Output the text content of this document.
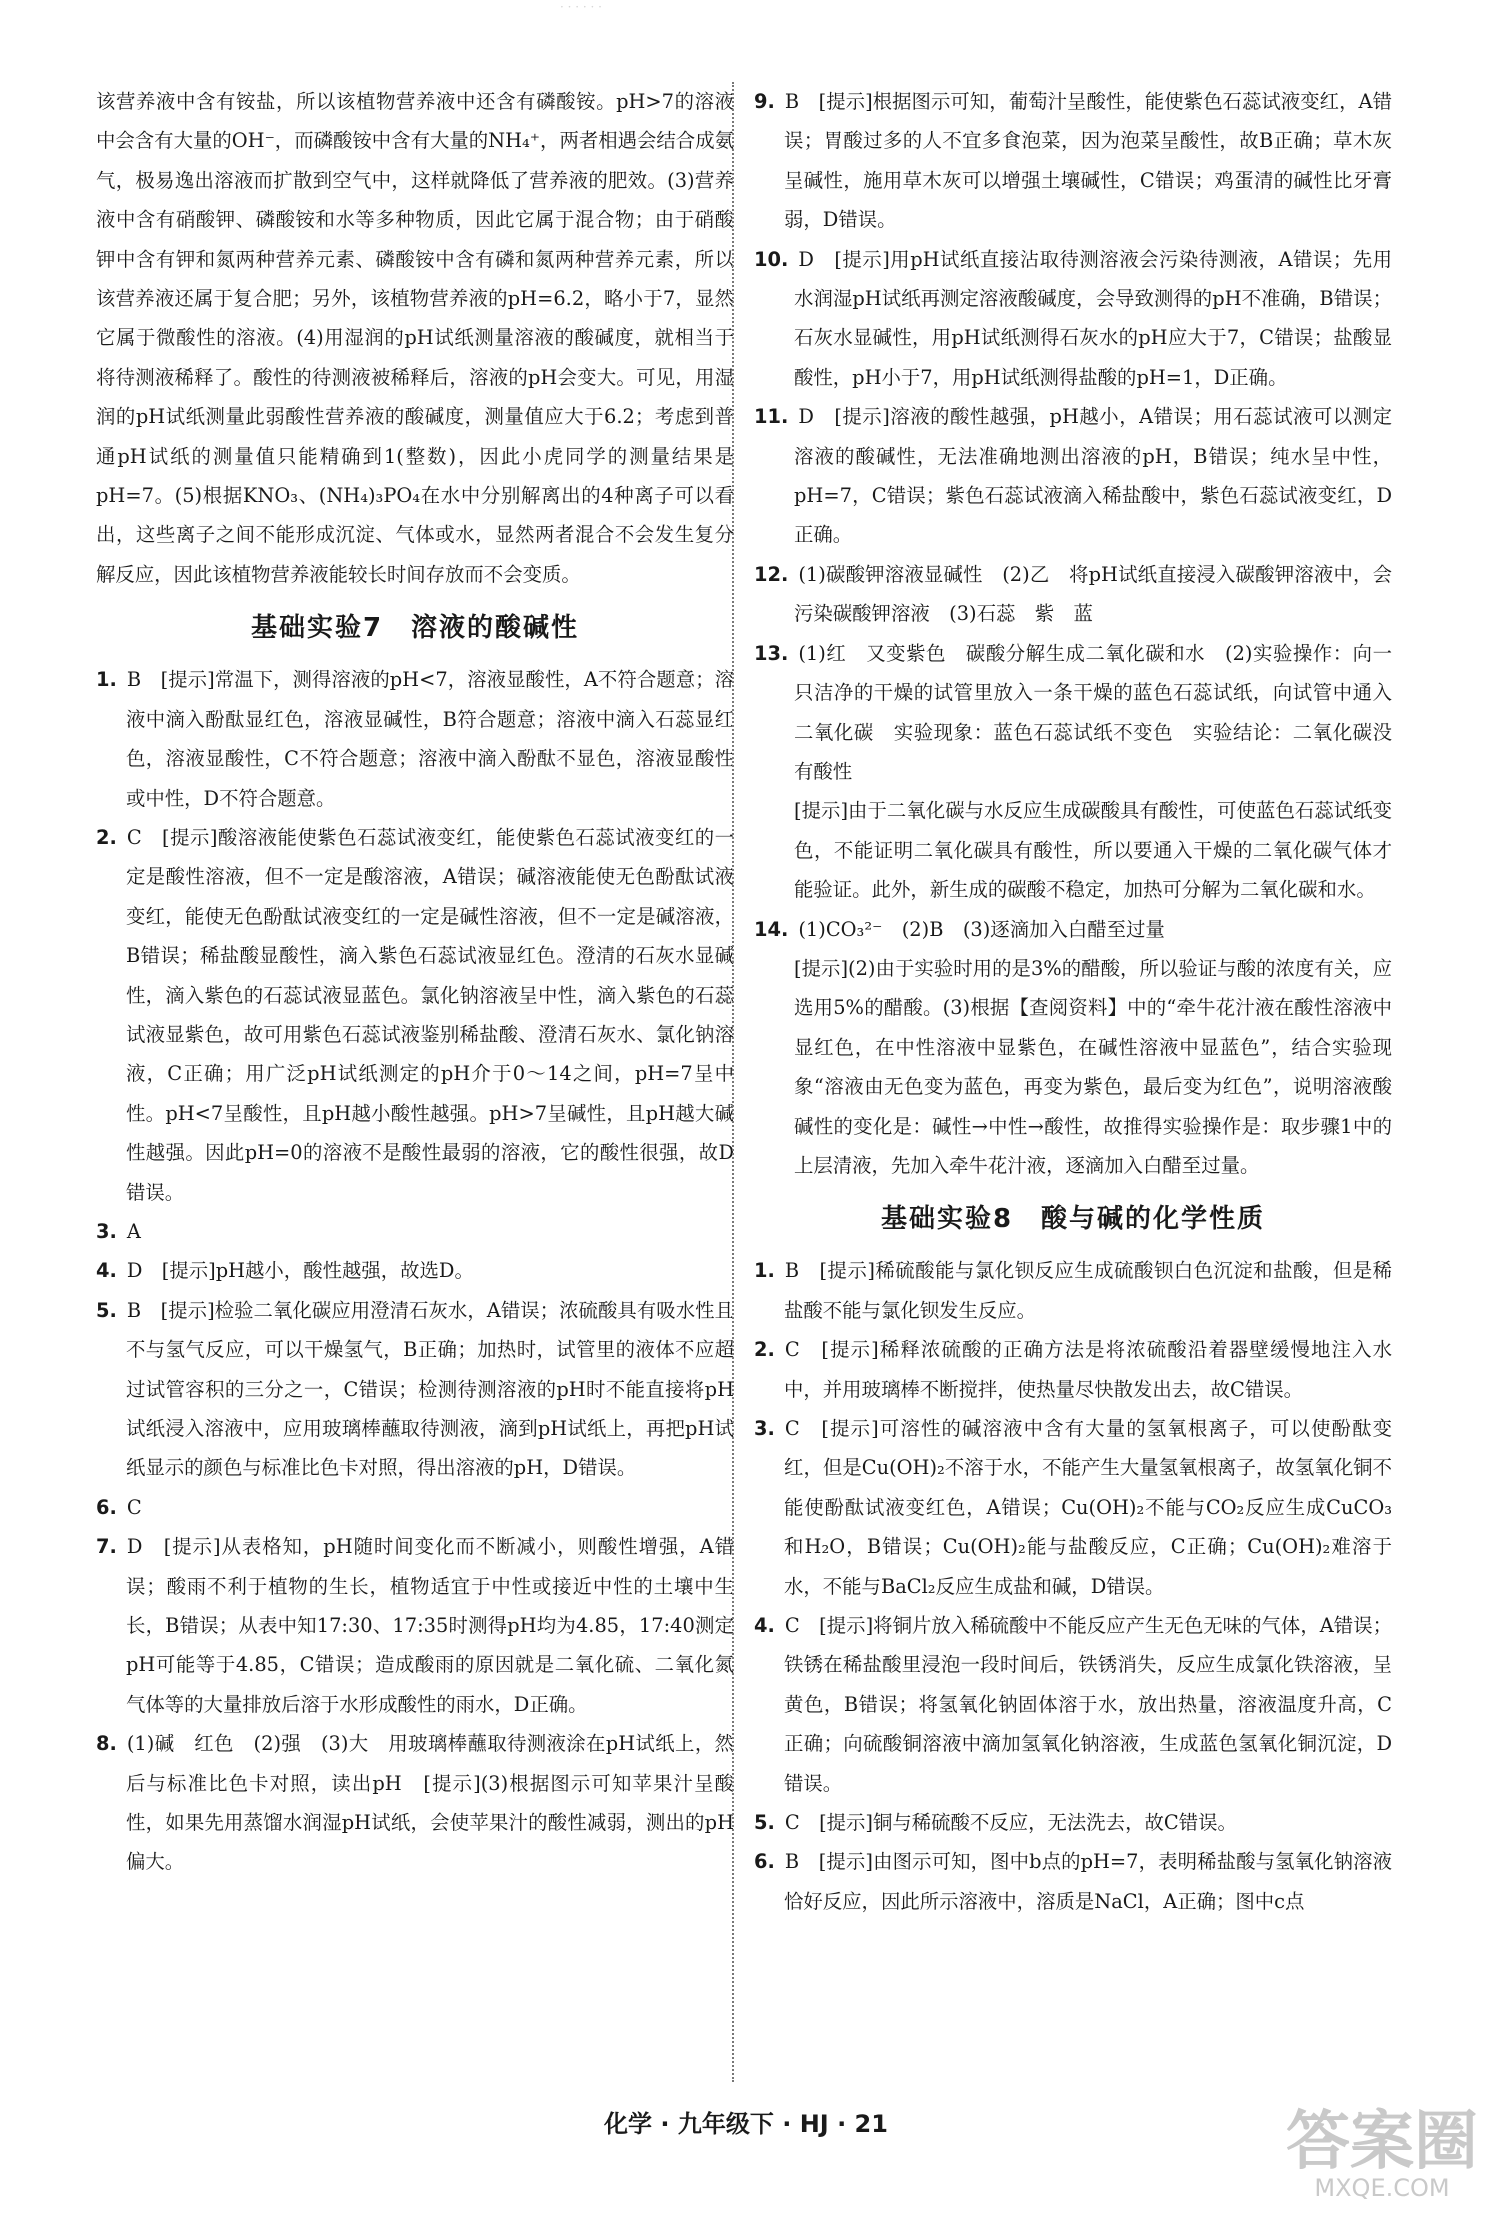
· · · · · ·

该营养液中含有铵盐，所以该植物营养液中还含有磷酸铵。pH>7的溶液中会含有大量的OH⁻，而磷酸铵中含有大量的NH₄⁺，两者相遇会结合成氨气，极易逸出溶液而扩散到空气中，这样就降低了营养液的肥效。(3)营养液中含有硝酸钾、磷酸铵和水等多种物质，因此它属于混合物；由于硝酸钾中含有钾和氮两种营养元素、磷酸铵中含有磷和氮两种营养元素，所以该营养液还属于复合肥；另外，该植物营养液的pH=6.2，略小于7，显然它属于微酸性的溶液。(4)用湿润的pH试纸测量溶液的酸碱度，就相当于将待测液稀释了。酸性的待测液被稀释后，溶液的pH会变大。可见，用湿润的pH试纸测量此弱酸性营养液的酸碱度，测量值应大于6.2；考虑到普通pH试纸的测量值只能精确到1(整数)，因此小虎同学的测量结果是pH=7。(5)根据KNO₃、(NH₄)₃PO₄在水中分别解离出的4种离子可以看出，这些离子之间不能形成沉淀、气体或水，显然两者混合不会发生复分解反应，因此该植物营养液能较长时间存放而不会变质。

基础实验7　溶液的酸碱性
1. B　[提示]常温下，测得溶液的pH<7，溶液显酸性，A不符合题意；溶液中滴入酚酞显红色，溶液显碱性，B符合题意；溶液中滴入石蕊显红色，溶液显酸性，C不符合题意；溶液中滴入酚酞不显色，溶液显酸性或中性，D不符合题意。
2. C　[提示]酸溶液能使紫色石蕊试液变红，能使紫色石蕊试液变红的一定是酸性溶液，但不一定是酸溶液，A错误；碱溶液能使无色酚酞试液变红，能使无色酚酞试液变红的一定是碱性溶液，但不一定是碱溶液，B错误；稀盐酸显酸性，滴入紫色石蕊试液显红色。澄清的石灰水显碱性，滴入紫色的石蕊试液显蓝色。氯化钠溶液呈中性，滴入紫色的石蕊试液显紫色，故可用紫色石蕊试液鉴别稀盐酸、澄清石灰水、氯化钠溶液，C正确；用广泛pH试纸测定的pH介于0～14之间，pH=7呈中性。pH<7呈酸性，且pH越小酸性越强。pH>7呈碱性，且pH越大碱性越强。因此pH=0的溶液不是酸性最弱的溶液，它的酸性很强，故D错误。
3. A
4. D　[提示]pH越小，酸性越强，故选D。
5. B　[提示]检验二氧化碳应用澄清石灰水，A错误；浓硫酸具有吸水性且不与氢气反应，可以干燥氢气，B正确；加热时，试管里的液体不应超过试管容积的三分之一，C错误；检测待测溶液的pH时不能直接将pH试纸浸入溶液中，应用玻璃棒蘸取待测液，滴到pH试纸上，再把pH试纸显示的颜色与标准比色卡对照，得出溶液的pH，D错误。
6. C
7. D　[提示]从表格知，pH随时间变化而不断减小，则酸性增强，A错误；酸雨不利于植物的生长，植物适宜于中性或接近中性的土壤中生长，B错误；从表中知17:30、17:35时测得pH均为4.85，17:40测定pH可能等于4.85，C错误；造成酸雨的原因就是二氧化硫、二氧化氮气体等的大量排放后溶于水形成酸性的雨水，D正确。
8. (1)碱　红色　(2)强　(3)大　用玻璃棒蘸取待测液涂在pH试纸上，然后与标准比色卡对照，读出pH　[提示](3)根据图示可知苹果汁呈酸性，如果先用蒸馏水润湿pH试纸，会使苹果汁的酸性减弱，测出的pH偏大。
9. B　[提示]根据图示可知，葡萄汁呈酸性，能使紫色石蕊试液变红，A错误；胃酸过多的人不宜多食泡菜，因为泡菜呈酸性，故B正确；草木灰呈碱性，施用草木灰可以增强土壤碱性，C错误；鸡蛋清的碱性比牙膏弱，D错误。
10. D　[提示]用pH试纸直接沾取待测溶液会污染待测液，A错误；先用水润湿pH试纸再测定溶液酸碱度，会导致测得的pH不准确，B错误；石灰水显碱性，用pH试纸测得石灰水的pH应大于7，C错误；盐酸显酸性，pH小于7，用pH试纸测得盐酸的pH=1，D正确。
11. D　[提示]溶液的酸性越强，pH越小，A错误；用石蕊试液可以测定溶液的酸碱性，无法准确地测出溶液的pH，B错误；纯水呈中性，pH=7，C错误；紫色石蕊试液滴入稀盐酸中，紫色石蕊试液变红，D正确。
12. (1)碳酸钾溶液显碱性　(2)乙　将pH试纸直接浸入碳酸钾溶液中，会污染碳酸钾溶液　(3)石蕊　紫　蓝
13. (1)红　又变紫色　碳酸分解生成二氧化碳和水　(2)实验操作：向一只洁净的干燥的试管里放入一条干燥的蓝色石蕊试纸，向试管中通入二氧化碳　实验现象：蓝色石蕊试纸不变色　实验结论：二氧化碳没有酸性
[提示]由于二氧化碳与水反应生成碳酸具有酸性，可使蓝色石蕊试纸变色，不能证明二氧化碳具有酸性，所以要通入干燥的二氧化碳气体才能验证。此外，新生成的碳酸不稳定，加热可分解为二氧化碳和水。
14. (1)CO₃²⁻　(2)B　(3)逐滴加入白醋至过量
[提示](2)由于实验时用的是3%的醋酸，所以验证与酸的浓度有关，应选用5%的醋酸。(3)根据【查阅资料】中的“牵牛花汁液在酸性溶液中显红色，在中性溶液中显紫色，在碱性溶液中显蓝色”，结合实验现象“溶液由无色变为蓝色，再变为紫色，最后变为红色”，说明溶液酸碱性的变化是：碱性→中性→酸性，故推得实验操作是：取步骤1中的上层清液，先加入牵牛花汁液，逐滴加入白醋至过量。
基础实验8　酸与碱的化学性质
1. B　[提示]稀硫酸能与氯化钡反应生成硫酸钡白色沉淀和盐酸，但是稀盐酸不能与氯化钡发生反应。
2. C　[提示]稀释浓硫酸的正确方法是将浓硫酸沿着器壁缓慢地注入水中，并用玻璃棒不断搅拌，使热量尽快散发出去，故C错误。
3. C　[提示]可溶性的碱溶液中含有大量的氢氧根离子，可以使酚酞变红，但是Cu(OH)₂不溶于水，不能产生大量氢氧根离子，故氢氧化铜不能使酚酞试液变红色，A错误；Cu(OH)₂不能与CO₂反应生成CuCO₃和H₂O，B错误；Cu(OH)₂能与盐酸反应，C正确；Cu(OH)₂难溶于水，不能与BaCl₂反应生成盐和碱，D错误。
4. C　[提示]将铜片放入稀硫酸中不能反应产生无色无味的气体，A错误；铁锈在稀盐酸里浸泡一段时间后，铁锈消失，反应生成氯化铁溶液，呈黄色，B错误；将氢氧化钠固体溶于水，放出热量，溶液温度升高，C正确；向硫酸铜溶液中滴加氢氧化钠溶液，生成蓝色氢氧化铜沉淀，D错误。
5. C　[提示]铜与稀硫酸不反应，无法洗去，故C错误。
6. B　[提示]由图示可知，图中b点的pH=7，表明稀盐酸与氢氧化钠溶液恰好反应，因此所示溶液中，溶质是NaCl，A正确；图中c点
化学 · 九年级下 · HJ · 21	答案圈
MXQE.COM
